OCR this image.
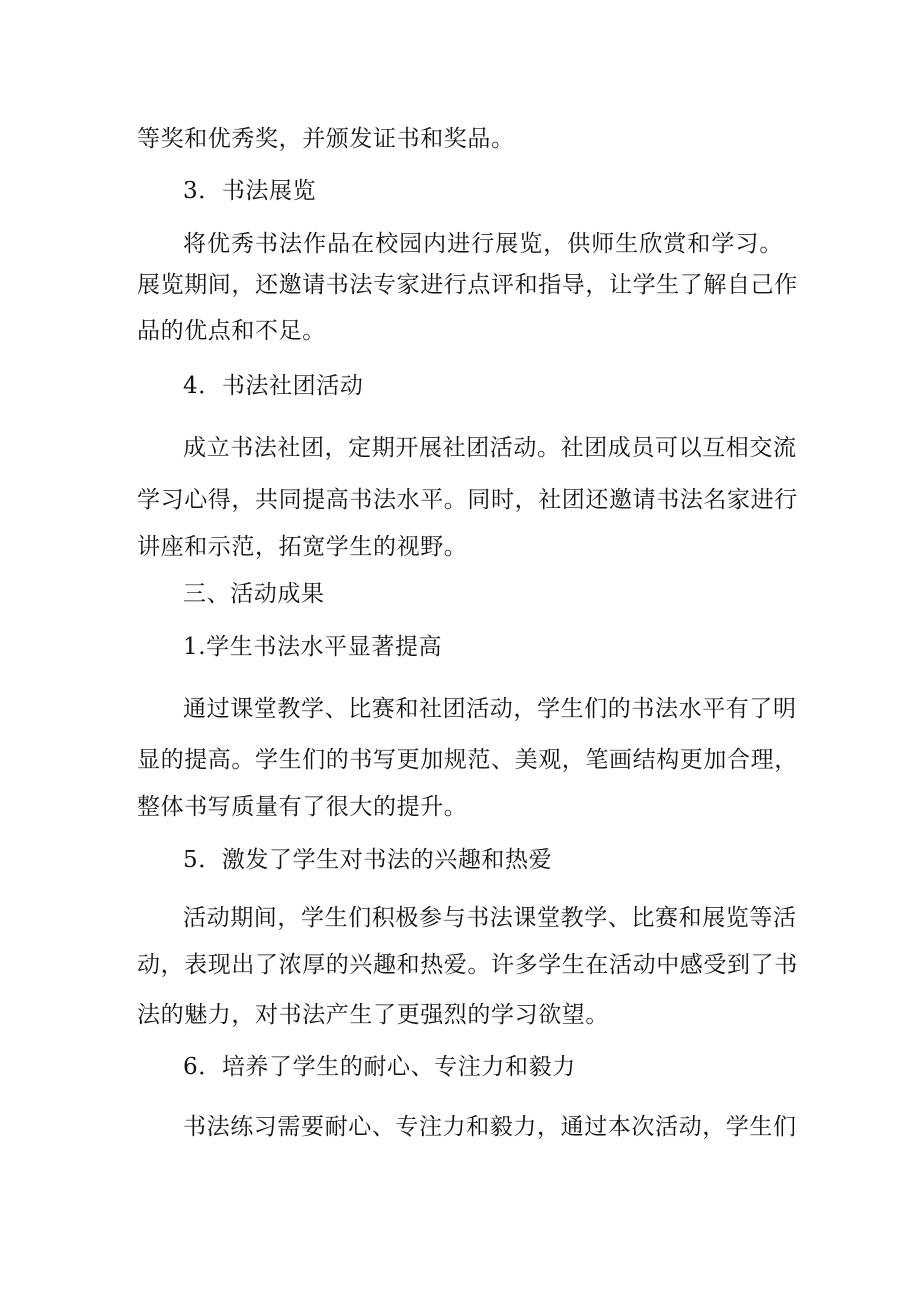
等奖和优秀奖，并颁发证书和奖品。
3．书法展览
将优秀书法作品在校园内进行展览，供师生欣赏和学习。
展览期间，还邀请书法专家进行点评和指导，让学生了解自己作
品的优点和不足。
4．书法社团活动
成立书法社团，定期开展社团活动。社团成员可以互相交流
学习心得，共同提高书法水平。同时，社团还邀请书法名家进行
讲座和示范，拓宽学生的视野。
三、活动成果
1.学生书法水平显著提高
通过课堂教学、比赛和社团活动，学生们的书法水平有了明
显的提高。学生们的书写更加规范、美观，笔画结构更加合理，
整体书写质量有了很大的提升。
5．激发了学生对书法的兴趣和热爱
活动期间，学生们积极参与书法课堂教学、比赛和展览等活
动，表现出了浓厚的兴趣和热爱。许多学生在活动中感受到了书
法的魅力，对书法产生了更强烈的学习欲望。
6．培养了学生的耐心、专注力和毅力
书法练习需要耐心、专注力和毅力，通过本次活动，学生们
